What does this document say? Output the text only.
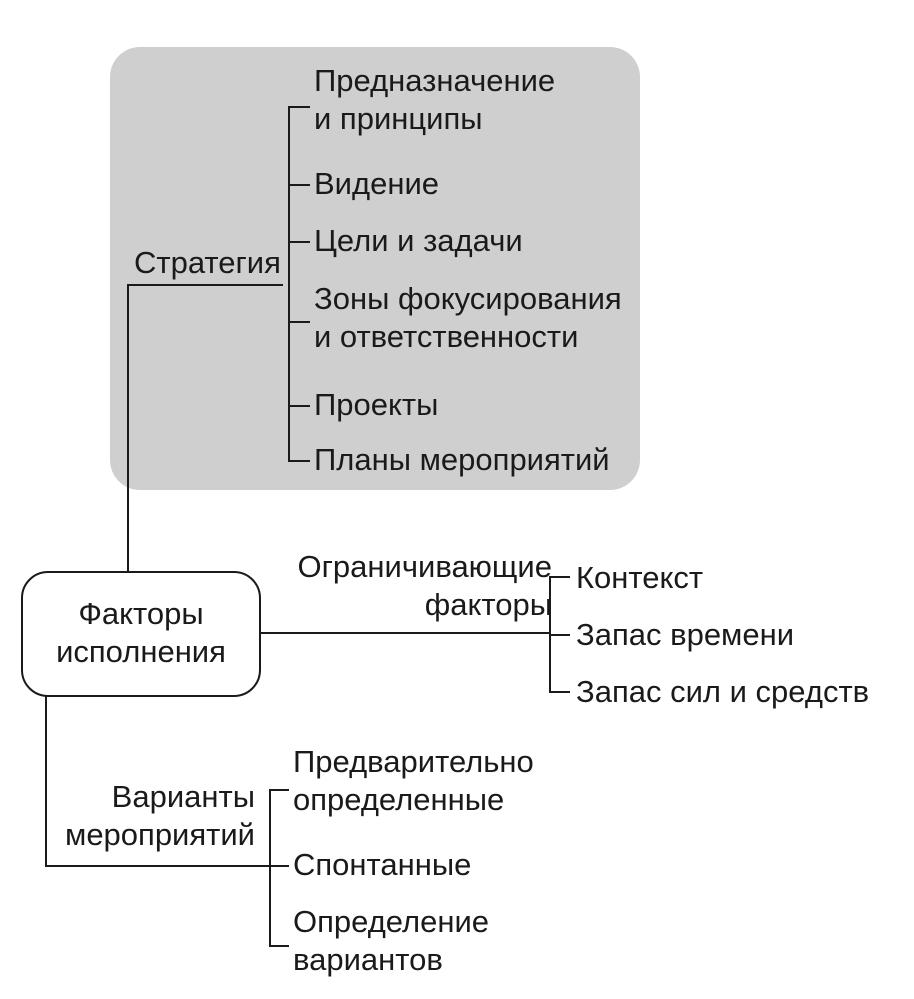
Факторы
исполнения
Стратегия
Предназначение
и принципы
Видение
Цели и задачи
Зоны фокусирования
и ответственности
Проекты
Планы мероприятий
Ограничивающие
факторы
Контекст
Запас времени
Запас сил и средств
Варианты
мероприятий
Предварительно
определенные
Спонтанные
Определение
вариантов
